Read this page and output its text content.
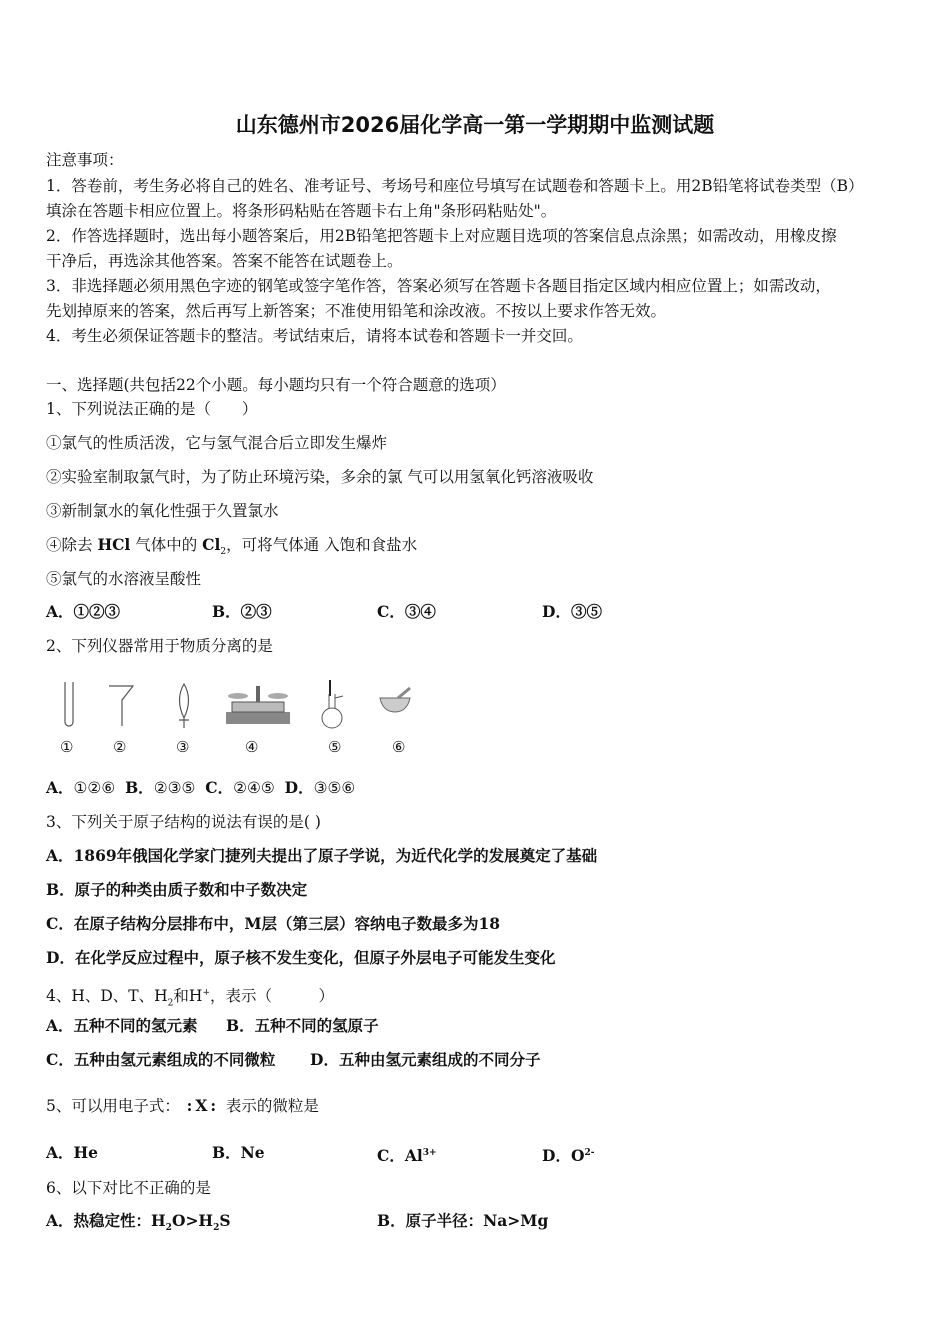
山东德州市2026届化学高一第一学期期中监测试题
注意事项：
1．答卷前，考生务必将自己的姓名、准考证号、考场号和座位号填写在试题卷和答题卡上。用2B铅笔将试卷类型（B）
填涂在答题卡相应位置上。将条形码粘贴在答题卡右上角"条形码粘贴处"。
2．作答选择题时，选出每小题答案后，用2B铅笔把答题卡上对应题目选项的答案信息点涂黑；如需改动，用橡皮擦
干净后，再选涂其他答案。答案不能答在试题卷上。
3．非选择题必须用黑色字迹的钢笔或签字笔作答，答案必须写在答题卡各题目指定区域内相应位置上；如需改动，
先划掉原来的答案，然后再写上新答案；不准使用铅笔和涂改液。不按以上要求作答无效。
4．考生必须保证答题卡的整洁。考试结束后，请将本试卷和答题卡一并交回。
一、选择题(共包括22个小题。每小题均只有一个符合题意的选项）
1、下列说法正确的是（　　）
①氯气的性质活泼，它与氢气混合后立即发生爆炸
②实验室制取氯气时，为了防止环境污染，多余的氯 气可以用氢氧化钙溶液吸收
③新制氯水的氧化性强于久置氯水
④除去 HCl 气体中的 $Cl_2$，可将气体通 入饱和食盐水
⑤氯气的水溶液呈酸性
A．①②③	B．②③	C．③④	D．③⑤
2、下列仪器常用于物质分离的是
①	②	③	④	⑤	⑥
A．①②⑥ B．②③⑤ C．②④⑤ D．③⑤⑥
3、下列关于原子结构的说法有误的是( )
A．1869年俄国化学家门捷列夫提出了原子学说，为近代化学的发展奠定了基础
B．原子的种类由质子数和中子数决定
C．在原子结构分层排布中，M层（第三层）容纳电子数最多为18
D．在化学反应过程中，原子核不发生变化，但原子外层电子可能发生变化
4、H、D、T、$H_2$和H+，表示（　　　）
A．五种不同的氢元素 B．五种不同的氢原子
C．五种由氢元素组成的不同微粒 D．五种由氢元素组成的不同分子
5、可以用电子式： :X: 表示的微粒是
A．He	B．Ne	C．$Al^{3+}$	D．$O^{2-}$
6、以下对比不正确的是
A．热稳定性：$H_2O>H_2S$	B．原子半径：Na>Mg
